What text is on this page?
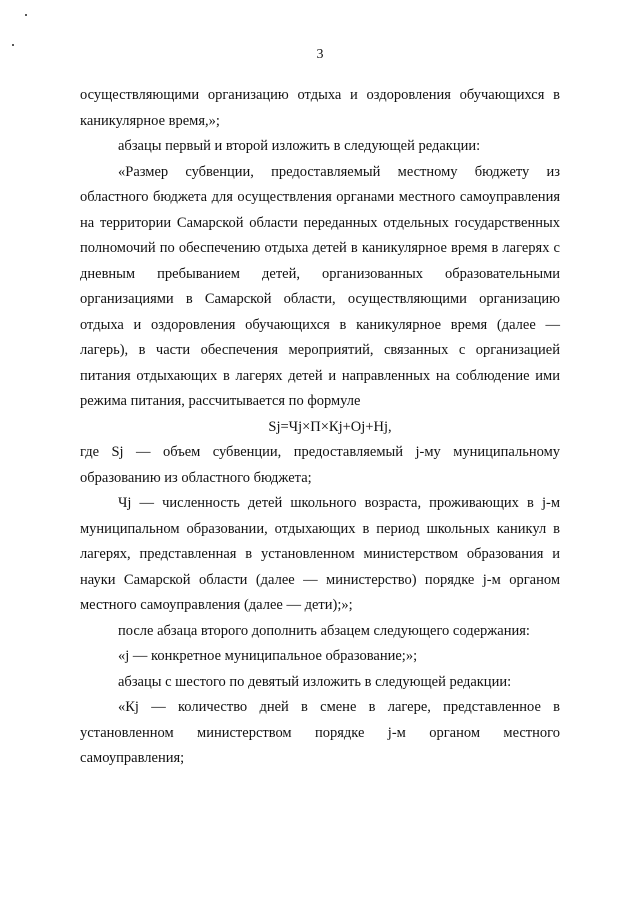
3

осуществляющими организацию отдыха и оздоровления обучающихся в каникулярное время,»;

абзацы первый и второй изложить в следующей редакции:

«Размер субвенции, предоставляемый местному бюджету из областного бюджета для осуществления органами местного самоуправления на территории Самарской области переданных отдельных государственных полномочий по обеспечению отдыха детей в каникулярное время в лагерях с дневным пребыванием детей, организованных образовательными организациями в Самарской области, осуществляющими организацию отдыха и оздоровления обучающихся в каникулярное время (далее — лагерь), в части обеспечения мероприятий, связанных с организацией питания отдыхающих в лагерях детей и направленных на соблюдение ими режима питания, рассчитывается по формуле

Sj=Чj×П×Кj+Оj+Нj,

где Sj — объем субвенции, предоставляемый j-му муниципальному образованию из областного бюджета;

Чj — численность детей школьного возраста, проживающих в j-м муниципальном образовании, отдыхающих в период школьных каникул в лагерях, представленная в установленном министерством образования и науки Самарской области (далее — министерство) порядке j-м органом местного самоуправления (далее — дети);»;

после абзаца второго дополнить абзацем следующего содержания:

«j — конкретное муниципальное образование;»;

абзацы с шестого по девятый изложить в следующей редакции:

«Кj — количество дней в смене в лагере, представленное в установленном министерством порядке j-м органом местного самоуправления;
